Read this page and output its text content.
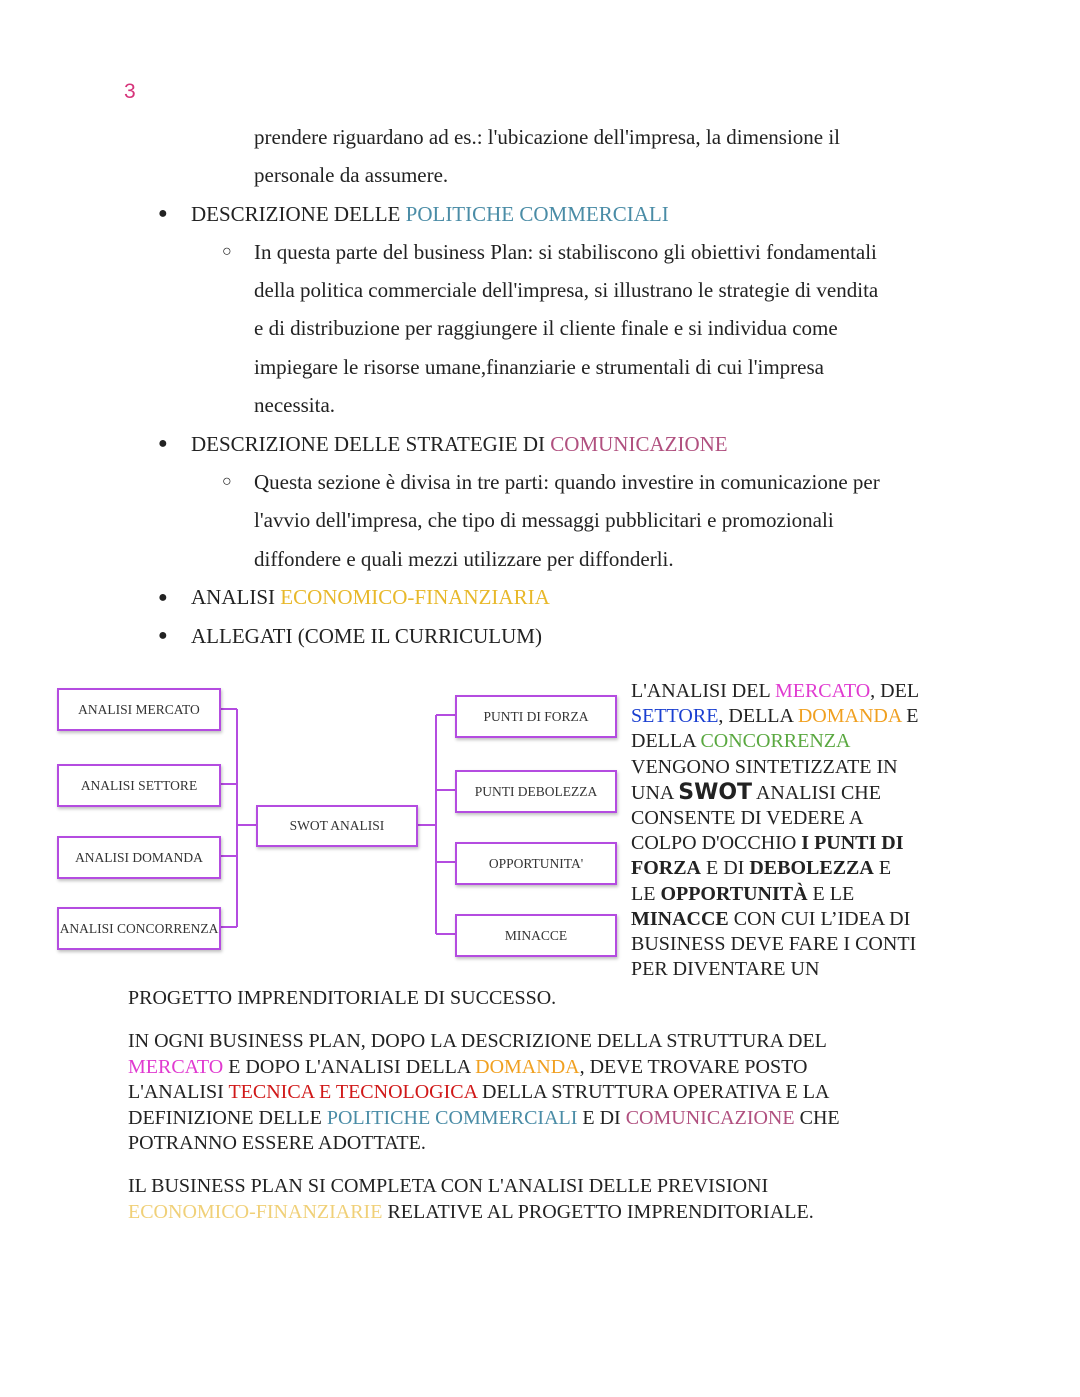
3
prendere riguardano ad es.: l'ubicazione dell'impresa, la dimensione il
personale da assumere.
● DESCRIZIONE DELLE POLITICHE COMMERCIALI
○ In questa parte del business Plan: si stabiliscono gli obiettivi fondamentali
della politica commerciale dell'impresa, si illustrano le strategie di vendita
e di distribuzione per raggiungere il cliente finale e si individua come
impiegare le risorse umane,finanziarie e strumentali di cui l'impresa
necessita.
● DESCRIZIONE DELLE STRATEGIE DI COMUNICAZIONE
○ Questa sezione è divisa in tre parti: quando investire in comunicazione per
l'avvio dell'impresa, che tipo di messaggi pubblicitari e promozionali
diffondere e quali mezzi utilizzare per diffonderli.
● ANALISI ECONOMICO-FINANZIARIA
● ALLEGATI (COME IL CURRICULUM)
ANALISI MERCATO
ANALISI SETTORE
ANALISI DOMANDA
ANALISI CONCORRENZA
SWOT ANALISI
PUNTI DI FORZA
PUNTI DEBOLEZZA
OPPORTUNITA'
MINACCE
L'ANALISI DEL MERCATO, DEL
SETTORE, DELLA DOMANDA E
DELLA CONCORRENZA
VENGONO SINTETIZZATE IN
UNA SWOT ANALISI CHE
CONSENTE DI VEDERE A
COLPO D'OCCHIO I PUNTI DI
FORZA E DI DEBOLEZZA E
LE OPPORTUNITÀ E LE
MINACCE CON CUI L’IDEA DI
BUSINESS DEVE FARE I CONTI
PER DIVENTARE UN
PROGETTO IMPRENDITORIALE DI SUCCESSO.
IN OGNI BUSINESS PLAN, DOPO LA DESCRIZIONE DELLA STRUTTURA DEL
MERCATO E DOPO L'ANALISI DELLA DOMANDA, DEVE TROVARE POSTO
L'ANALISI TECNICA E TECNOLOGICA DELLA STRUTTURA OPERATIVA E LA
DEFINIZIONE DELLE POLITICHE COMMERCIALI E DI COMUNICAZIONE CHE
POTRANNO ESSERE ADOTTATE.
IL BUSINESS PLAN SI COMPLETA CON L'ANALISI DELLE PREVISIONI
ECONOMICO-FINANZIARIE RELATIVE AL PROGETTO IMPRENDITORIALE.
